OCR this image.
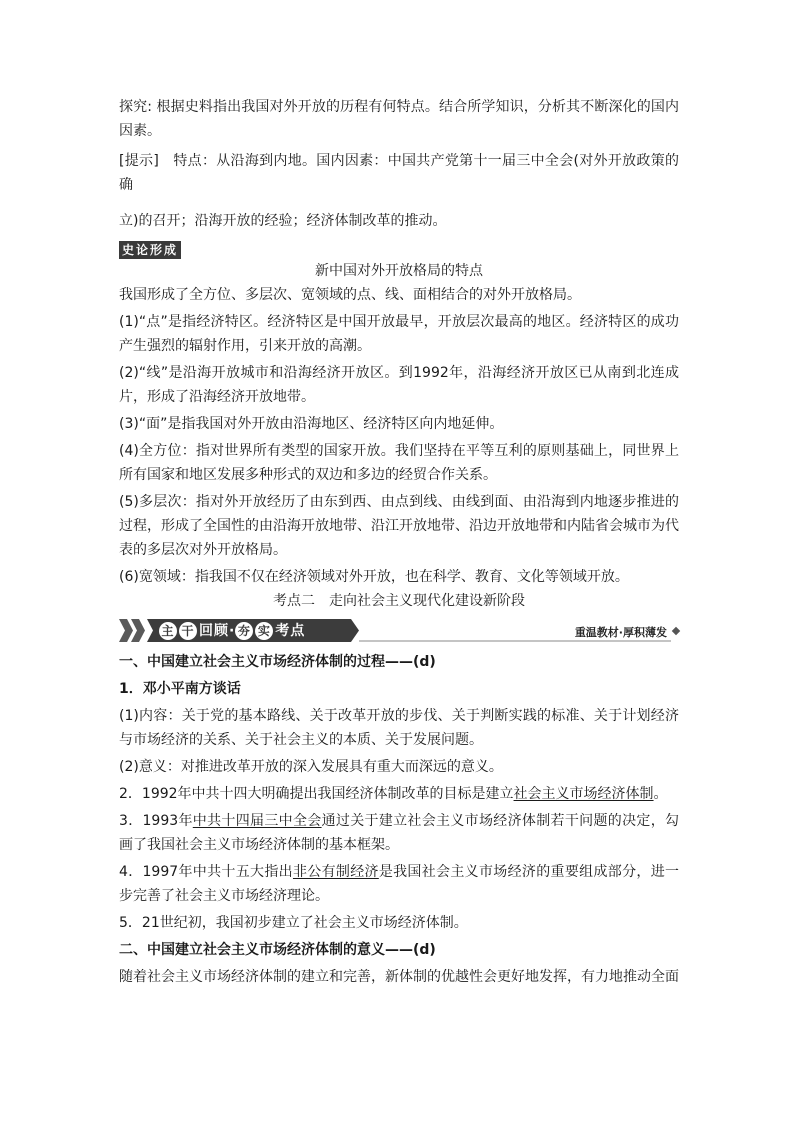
探究: 根据史料指出我国对外开放的历程有何特点。结合所学知识，分析其不断深化的国内因素。

[提示]　特点：从沿海到内地。国内因素：中国共产党第十一届三中全会(对外开放政策的确

立)的召开；沿海开放的经验；经济体制改革的推动。

史论形成

新中国对外开放格局的特点

我国形成了全方位、多层次、宽领域的点、线、面相结合的对外开放格局。

(1)“点”是指经济特区。经济特区是中国开放最早，开放层次最高的地区。经济特区的成功产生强烈的辐射作用，引来开放的高潮。

(2)“线”是沿海开放城市和沿海经济开放区。到1992年，沿海经济开放区已从南到北连成片，形成了沿海经济开放地带。

(3)“面”是指我国对外开放由沿海地区、经济特区向内地延伸。

(4)全方位：指对世界所有类型的国家开放。我们坚持在平等互利的原则基础上，同世界上所有国家和地区发展多种形式的双边和多边的经贸合作关系。

(5)多层次：指对外开放经历了由东到西、由点到线、由线到面、由沿海到内地逐步推进的过程，形成了全国性的由沿海开放地带、沿江开放地带、沿边开放地带和内陆省会城市为代表的多层次对外开放格局。

(6)宽领域：指我国不仅在经济领域对外开放，也在科学、教育、文化等领域开放。

考点二　走向社会主义现代化建设新阶段

主 干 回顾· 夯 实 考点	重温教材·厚积薄发

一、中国建立社会主义市场经济体制的过程——(d)

1．邓小平南方谈话

(1)内容：关于党的基本路线、关于改革开放的步伐、关于判断实践的标准、关于计划经济与市场经济的关系、关于社会主义的本质、关于发展问题。

(2)意义：对推进改革开放的深入发展具有重大而深远的意义。

2．1992年中共十四大明确提出我国经济体制改革的目标是建立社会主义市场经济体制。

3．1993年中共十四届三中全会通过关于建立社会主义市场经济体制若干问题的决定，勾画了我国社会主义市场经济体制的基本框架。

4．1997年中共十五大指出非公有制经济是我国社会主义市场经济的重要组成部分，进一步完善了社会主义市场经济理论。

5．21世纪初，我国初步建立了社会主义市场经济体制。

二、中国建立社会主义市场经济体制的意义——(d)

随着社会主义市场经济体制的建立和完善，新体制的优越性会更好地发挥，有力地推动全面
